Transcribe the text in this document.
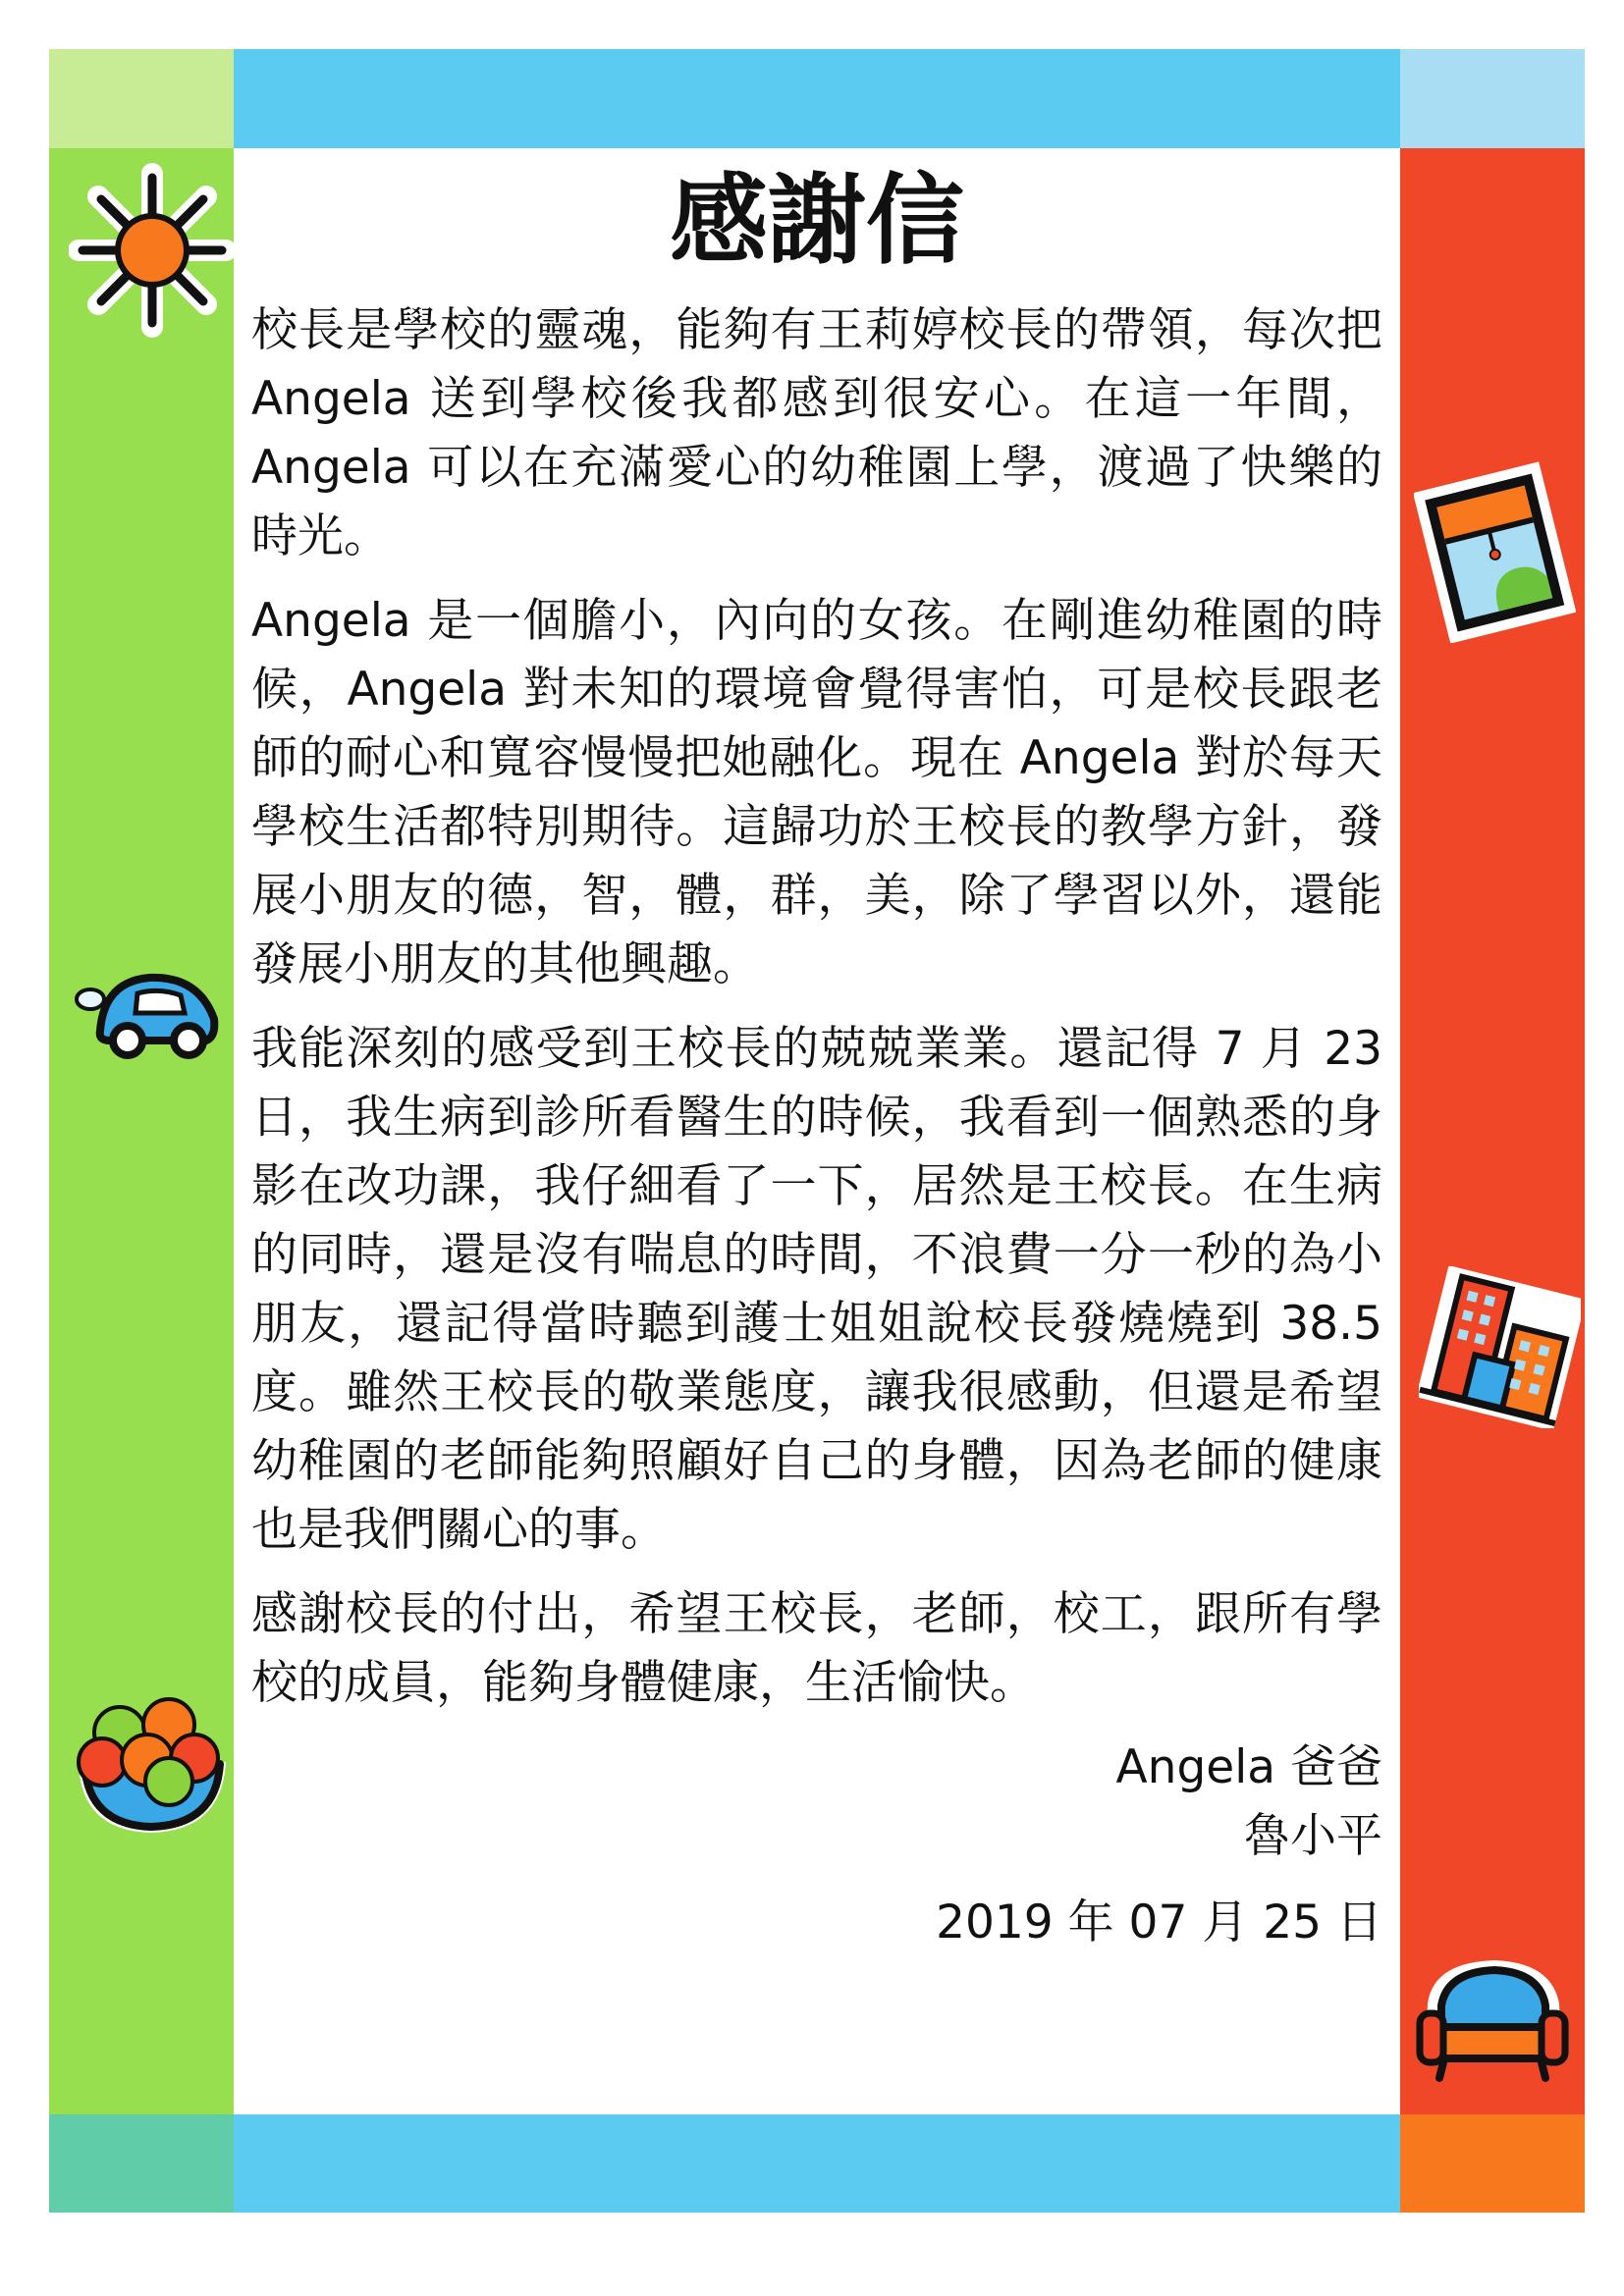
感謝信

校長是學校的靈魂，能夠有王莉婷校長的帶領，每次把 Angela 送到學校後我都感到很安心。在這一年間，Angela 可以在充滿愛心的幼稚園上學，渡過了快樂的時光。

Angela 是一個膽小，內向的女孩。在剛進幼稚園的時候，Angela 對未知的環境會覺得害怕，可是校長跟老師的耐心和寬容慢慢把她融化。現在 Angela 對於每天學校生活都特別期待。這歸功於王校長的教學方針，發展小朋友的德，智，體，群，美，除了學習以外，還能發展小朋友的其他興趣。

我能深刻的感受到王校長的兢兢業業。還記得 7 月 23 日，我生病到診所看醫生的時候，我看到一個熟悉的身影在改功課，我仔細看了一下，居然是王校長。在生病的同時，還是沒有喘息的時間，不浪費一分一秒的為小朋友，還記得當時聽到護士姐姐說校長發燒燒到 38.5 度。雖然王校長的敬業態度，讓我很感動，但還是希望幼稚園的老師能夠照顧好自己的身體，因為老師的健康也是我們關心的事。

感謝校長的付出，希望王校長，老師，校工，跟所有學校的成員，能夠身體健康，生活愉快。

Angela 爸爸
魯小平
2019 年 07 月 25 日
